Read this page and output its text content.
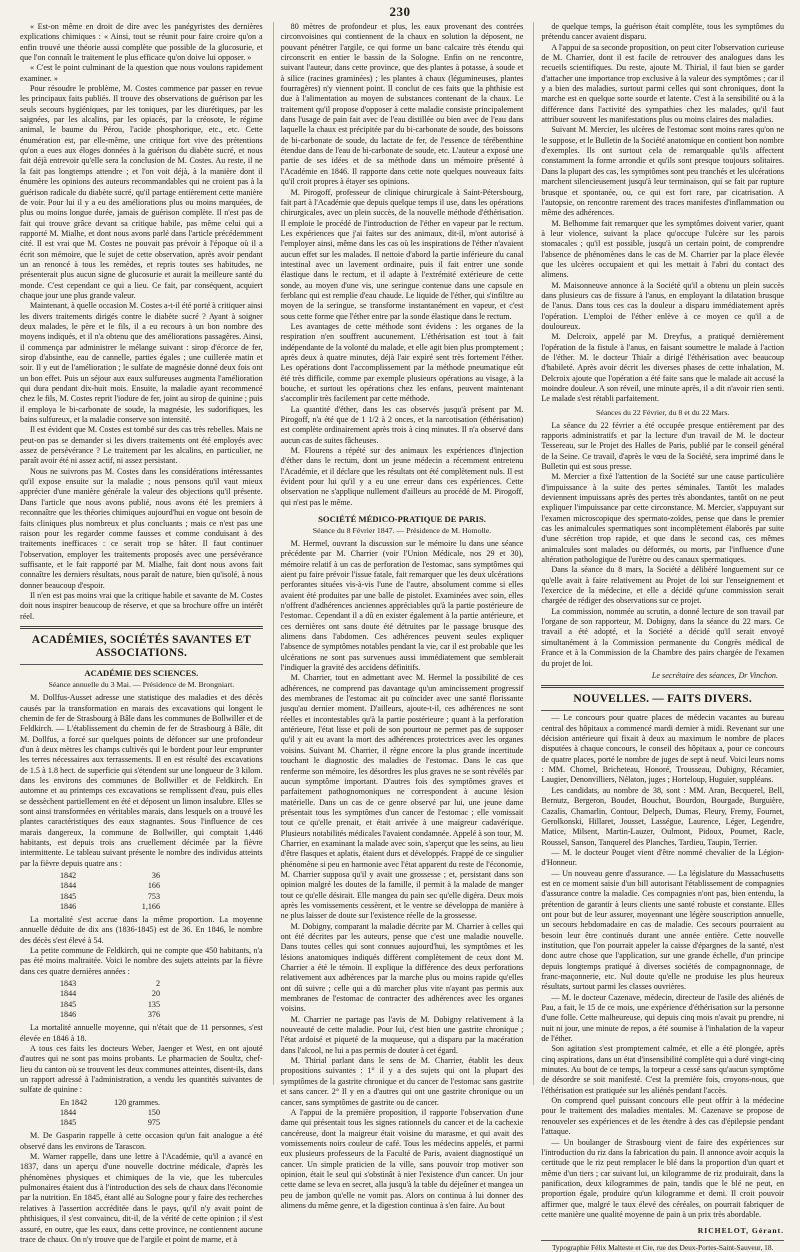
230

« Est-on même en droit de dire avec les panégyristes des dernières explications chimiques : « Ainsi, tout se réunit pour faire croire qu'on a enfin trouvé une théorie aussi complète que possible de la glucosurie, et que l'on connaît le traitement le plus efficace qu'on doive lui opposer. »

« C'est le point culminant de la question que nous voulons rapidement examiner. »

Pour résoudre le problème, M. Costes commence par passer en revue les principaux faits publiés. Il trouve des observations de guérison par les seuls secours hygiéniques, par les toniques, par les diurétiques, par les saignées, par les alcalins, par les opiacés, par la créosote, le régime animal, le baume du Pérou, l'acide phosphorique, etc., etc. Cette énumération est, par elle-même, une critique fort vive des prétentions qu'on a eues aux éloges données à la guérison du diabète sucré, et nous fait déjà entrevoir qu'elle sera la conclusion de M. Costes. Au reste, il ne la fait pas longtemps attendre ; et l'on voit déjà, à la manière dont il énumère les opinions des auteurs recommandables qui ne croient pas à la guérison radicale du diabète sucré, qu'il partage entièrement cette manière de voir. Pour lui il y a eu des améliorations plus ou moins marquées, de plus ou moins longue durée, jamais de guérison complète. Il n'est pas de fait qui trouve grâce devant sa critique habile, pas même celui qui a rapporté M. Mialhe, et dont nous avons parlé dans l'article précédemment cité. Il est vrai que M. Costes ne pouvait pas prévoir à l'époque où il a écrit son mémoire, que le sujet de cette observation, après avoir pendant un an renoncé à tous les remèdes, et repris toutes ses habitudes, ne présenterait plus aucun signe de glucosurie et aurait la meilleure santé du monde. C'est cependant ce qui a lieu. Ce fait, par conséquent, acquiert chaque jour une plus grande valeur.

Maintenant, à quelle occasion M. Costes a-t-il été porté à critiquer ainsi les divers traitements dirigés contre le diabète sucré ? Ayant à soigner deux malades, le père et le fils, il a eu recours à un bon nombre des moyens indiqués, et il n'a obtenu que des améliorations passagères. Ainsi, il commença par administrer le mélange suivant : sirop d'écorce de fer, sirop d'absinthe, eau de cannelle, parties égales ; une cuillerée matin et soir. Il y eut de l'amélioration ; le sulfate de magnésie donné deux fois ont un bon effet. Puis un séjour aux eaux sulfureuses augmenta l'amélioration qui dura pendant dix-huit mois. Ensuite, la maladie ayant recommencé chez le fils, M. Costes reprit l'iodure de fer, joint au sirop de quinine ; puis il employa le bi-carbonate de soude, la magnésie, les sudorifiques, les bains sulfureux, et la maladie conserve son intensité.

Il est évident que M. Costes est tombé sur des cas très rebelles. Mais ne peut-on pas se demander si les divers traitements ont été employés avec assez de persévérance ? Le traitement par les alcalins, en particulier, ne paraît avoir été ni assez actif, ni assez persistant.

Nous ne suivrons pas M. Costes dans les considérations intéressantes qu'il expose ensuite sur la maladie ; nous pensons qu'il vaut mieux apprécier d'une manière générale la valeur des objections qu'il présente. Dans l'article que nous avons publié, nous avons été les premiers à reconnaître que les théories chimiques aujourd'hui en vogue ont besoin de faits cliniques plus nombreux et plus concluants ; mais ce n'est pas une raison pour les regarder comme fausses et comme conduisant à des traitements inefficaces : ce serait trop se hâter. Il faut continuer l'observation, employer les traitements proposés avec une persévérance suffisante, et le fait rapporté par M. Mialhe, fait dont nous avons fait connaître les derniers résultats, nous paraît de nature, bien qu'isolé, à nous donner beaucoup d'espoir.

Il n'en est pas moins vrai que la critique habile et savante de M. Costes doit nous inspirer beaucoup de réserve, et que sa brochure offre un intérêt réel.

ACADÉMIES, SOCIÉTÉS SAVANTES ET ASSOCIATIONS.
ACADÉMIE DES SCIENCES.
Séance annuelle du 3 Mai. — Présidence de M. Brongniart.

M. Dollfus-Ausset adresse une statistique des maladies et des décès causés par la transformation en marais des excavations qui longent le chemin de fer de Strasbourg à Bâle dans les communes de Bollwiller et de Feldkirch. — L'établissement du chemin de fer de Strasbourg à Bâle, dit M. Dollfus, a forcé sur quelques points de défoncer sur une profondeur d'un à deux mètres les champs cultivés qui le bordent pour leur emprunter les terres nécessaires aux terrassements. Il en est résulté des excavations de 1.5 à 1.8 hect. de superficie qui s'étendent sur une longueur de 3 kilom. dans les environs des communes de Bollwiller et de Feldkirch. En automne et au printemps ces excavations se remplissent d'eau, puis elles se dessèchent partiellement en été et déposent un limon insalubre. Elles se sont ainsi transformées en véritables marais, dans lesquels on a trouvé les plantes caractéristiques des eaux stagnantes. Sous l'influence de ces marais dangereux, la commune de Bollwiller, qui comptait 1,446 habitants, est depuis trois ans cruellement décimée par la fièvre intermittente. Le tableau suivant présente le nombre des individus atteints par la fièvre depuis quatre ans :

1842	36
1844	166
1845	753
1846	1,166

La mortalité s'est accrue dans la même proportion. La moyenne annuelle déduite de dix ans (1836-1845) est de 36. En 1846, le nombre des décès s'est élevé à 54.

La petite commune de Feldkirch, qui ne compte que 450 habitants, n'a pas été moins maltraitée. Voici le nombre des sujets atteints par la fièvre dans ces quatre dernières années :

1843	2
1844	20
1845	135
1846	376

La mortalité annuelle moyenne, qui n'était que de 11 personnes, s'est élevée en 1846 à 18.

A tous ces faits les docteurs Weber, Jaenger et West, en ont ajouté d'autres qui ne sont pas moins probants. Le pharmacien de Soultz, chef-lieu du canton où se trouvent les deux communes atteintes, disent-ils, dans un rapport adressé à l'administration, a vendu les quantités suivantes de sulfate de quinine :

En 1842	120 grammes.
1844	150
1845	975

M. De Gasparin rappelle à cette occasion qu'un fait analogue a été observé dans les environs de Tarascon.

M. Warner rappelle, dans une lettre à l'Académie, qu'il a avancé en 1837, dans un aperçu d'une nouvelle doctrine médicale, d'après les phénomènes physiques et chimiques de la vie, que les tubercules pulmonaires étaient dus à l'introduction des sels de chaux dans l'économie par la nutrition. En 1845, étant allé au Sologne pour y faire des recherches relatives à l'assertion accréditée dans le pays, qu'il n'y avait point de phthisiques, il s'est convaincu, dit-il, de la vérité de cette opinion ; il s'est assuré, en outre, que les eaux, dans cette province, ne contiennent aucune trace de chaux. On n'y trouve que de l'argile et point de marne, et à

80 mètres de profondeur et plus, les eaux provenant des contrées circonvoisines qui contiennent de la chaux en solution la déposent, ne pouvant pénétrer l'argile, ce qui forme un banc calcaire très étendu qui circonscrit en entier le bassin de la Sologne. Enfin on ne rencontre, suivant l'auteur, dans cette province, que des plantes à potasse, à soude et à silice (racines graminées) ; les plantes à chaux (légumineuses, plantes fourragères) n'y viennent point. Il conclut de ces faits que la phthisie est due à l'alimentation au moyen de substances contenant de la chaux. Le traitement qu'il propose d'opposer à cette maladie consiste principalement dans l'usage de pain fait avec de l'eau distillée ou bien avec de l'eau dans laquelle la chaux est précipitée par du bi-carbonate de soude, des boissons de bi-carbonate de soude, du lactate de fer, de l'essence de térébenthine étendue dans de l'eau de bi-carbonate de soude, etc. L'auteur a exposé une partie de ses idées et de sa méthode dans un mémoire présenté à l'Académie en 1846. Il rapporte dans cette note quelques nouveaux faits qu'il croit propres à étayer ses opinions.

M. Pirogoff, professeur de clinique chirurgicale à Saint-Pétersbourg, fait part à l'Académie que depuis quelque temps il use, dans les opérations chirurgicales, avec un plein succès, de la nouvelle méthode d'éthérisation. Il emploie le procédé de l'introduction de l'éther en vapeur par le rectum. Les expériences que j'ai faites sur des animaux, dit-il, m'ont autorisé à l'employer ainsi, même dans les cas où les inspirations de l'éther n'avaient aucun effet sur les malades. Il nettoie d'abord la partie inférieure du canal intestinal avec un lavement ordinaire, puis il fait entrer une sonde élastique dans le rectum, et il adapte à l'extrémité extérieure de cette sonde, au moyen d'une vis, une seringue contenue dans une capsule en ferblanc qui est remplie d'eau chaude. Le liquide de l'éther, qui s'infiltre au moyen de la seringue, se transforme instantanément en vapeur, et c'est sous cette forme que l'éther entre par la sonde élastique dans le rectum.

Les avantages de cette méthode sont évidens : les organes de la respiration n'en souffrent aucunement. L'éthérisation est tout à fait indépendante de la volonté du malade, et elle agit bien plus promptement ; après deux à quatre minutes, déjà l'air expiré sent très fortement l'éther. Les opérations dont l'accomplissement par la méthode pneumatique eût été très difficile, comme par exemple plusieurs opérations au visage, à la bouche, et surtout les opérations chez les enfans, peuvent maintenant s'accomplir très facilement par cette méthode.

La quantité d'éther, dans les cas observés jusqu'à présent par M. Pirogoff, n'a été que de 1 1/2 à 2 onces, et la narcotisation (éthérisation) est complète ordinairement après trois à cinq minutes. Il n'a observé dans aucun cas de suites fâcheuses.

M. Flourens a répété sur des animaux les expériences d'injection d'éther dans le rectum, dont un jeune médecin a récemment entretenu l'Académie, et il déclare que les résultats ont été complètement nuls. Il est évident pour lui qu'il y a eu une erreur dans ces expériences. Cette observation ne s'applique nullement d'ailleurs au procédé de M. Pirogoff, qui n'est pas le même.

SOCIÉTÉ MÉDICO-PRATIQUE DE PARIS.
Séance du 8 Février 1847. — Présidence de M. Homolle.

M. Hermel, ouvrant la discussion sur le mémoire lu dans une séance précédente par M. Charrier (voir l'Union Médicale, nos 29 et 30), mémoire relatif à un cas de perforation de l'estomac, sans symptômes qui aient pu faire prévoir l'issue fatale, fait remarquer que les deux ulcérations perforantes situées vis-à-vis l'une de l'autre, absolument comme si elles avaient été produites par une balle de pistolet. Examinées avec soin, elles n'offrent d'adhérences anciennes appréciables qu'à la partie postérieure de l'estomac. Cependant il a dû en exister également à la partie antérieure, et ces dernières ont sans doute été détruites par le passage brusque des alimens dans l'abdomen. Ces adhérences peuvent seules expliquer l'absence de symptômes notables pendant la vie, car il est probable que les ulcérations ne sont pas survenues aussi immédiatement que semblerait l'indiquer la gravité des accidens définitifs.

M. Charrier, tout en admettant avec M. Hermel la possibilité de ces adhérences, ne comprend pas davantage qu'un amincissement progressif des membranes de l'estomac ait pu coïncider avec une santé florissante jusqu'au dernier moment. D'ailleurs, ajoute-t-il, ces adhérences ne sont réelles et incontestables qu'à la partie postérieure ; quant à la perforation antérieure, l'état lisse et poli de son pourtour ne permet pas de supposer qu'il y ait eu avant la mort des adhérences protectrices avec les organes voisins. Suivant M. Charrier, il règne encore la plus grande incertitude touchant le diagnostic des maladies de l'estomac. Dans le cas que renferme son mémoire, les désordres les plus graves ne se sont révélés par aucun symptôme important. D'autres fois des symptômes graves et parfaitement pathognomoniques ne correspondent à aucune lésion matérielle. Dans un cas de ce genre observé par lui, une jeune dame présentait tous les symptômes d'un cancer de l'estomac ; elle vomissait tout ce qu'elle prenait, et était arrivée à une maigreur cadavérique. Plusieurs notabilités médicales l'avaient condamnée. Appelé à son tour, M. Charrier, en examinant la malade avec soin, s'aperçut que les seins, au lieu d'être flasques et aplatis, étaient durs et développés. Frappé de ce singulier phénomène si peu en harmonie avec l'état apparent du reste de l'économie, M. Charrier supposa qu'il y avait une grossesse ; et, persistant dans son opinion malgré les doutes de la famille, il permit à la malade de manger tout ce qu'elle désirait. Elle mangea du pain sec qu'elle digéra. Deux mois après les vomissements cessèrent, et le ventre se développa de manière à ne plus laisser de doute sur l'existence réelle de la grossesse.

M. Dobigny, comparant la maladie décrite par M. Charrier à celles qui ont été décrites par les auteurs, pense que c'est une maladie nouvelle. Dans toutes celles qui sont connues aujourd'hui, les symptômes et les lésions anatomiques indiqués diffèrent complètement de ceux dont M. Charrier a été le témoin. Il explique la différence des deux perforations relativement aux adhérences par la marche plus ou moins rapide qu'elles ont dû suivre ; celle qui a dû marcher plus vite n'ayant pas permis aux membranes de l'estomac de contracter des adhérences avec les organes voisins.

M. Charrier ne partage pas l'avis de M. Dobigny relativement à la nouveauté de cette maladie. Pour lui, c'est bien une gastrite chronique ; l'état ardoisé et piqueté de la muqueuse, qui a disparu par la macération dans l'alcool, ne lui a pas permis de douter à cet égard.

M. Thirial parlant dans le sens de M. Charrier, établit les deux propositions suivantes : 1° il y a des sujets qui ont la plupart des symptômes de la gastrite chronique et du cancer de l'estomac sans gastrite et sans cancer. 2° Il y en a d'autres qui ont une gastrite chronique ou un cancer, sans symptômes de gastrite ou de cancer.

A l'appui de la première proposition, il rapporte l'observation d'une dame qui présentait tous les signes rationnels du cancer et de la cachexie cancéreuse, dont la maigreur était voisine du marasme, et qui avait des vomissements noirs couleur de café. Tous les médecins appelés, et parmi eux plusieurs professeurs de la Faculté de Paris, avaient diagnostiqué un cancer. Un simple praticien de la ville, sans pouvoir trop motiver son opinion, était le seul qui s'obstinât à nier l'existence d'un cancer. Un jour cette dame se leva en secret, alla jusqu'à la table du déjeûner et mangea un peu de jambon qu'elle ne vomit pas. Alors on continua à lui donner des alimens du même genre, et la digestion continua à s'en faire. Au bout

de quelque temps, la guérison était complète, tous les symptômes du prétendu cancer avaient disparu.

A l'appui de sa seconde proposition, on peut citer l'observation curieuse de M. Charrier, dont il est facile de retrouver des analogues dans les recueils scientifiques. Du reste, ajoute M. Thirial, il faut bien se garder d'attacher une importance trop exclusive à la valeur des symptômes ; car il y a bien des maladies, surtout parmi celles qui sont chroniques, dont la marche est en quelque sorte sourde et latente. C'est à la sensibilité ou à la différence dans l'activité des sympathies chez les malades, qu'il faut attribuer souvent les manifestations plus ou moins claires des maladies.

Suivant M. Mercier, les ulcères de l'estomac sont moins rares qu'on ne le suppose, et le Bulletin de la Société anatomique en contient bon nombre d'exemples. Ils ont surtout cela de remarquable qu'ils affectent constamment la forme arrondie et qu'ils sont presque toujours solitaires. Dans la plupart des cas, les symptômes sont peu tranchés et les ulcérations marchent silencieusement jusqu'à leur terminaison, qui se fait par rupture brusque et spontanée, ou, ce qui est fort rare, par cicatrisation. A l'autopsie, on rencontre rarement des traces manifestes d'inflammation ou même des adhérences.

M. Belhomme fait remarquer que les symptômes doivent varier, quant à leur violence, suivant la place qu'occupe l'ulcère sur les parois stomacales ; qu'il est possible, jusqu'à un certain point, de comprendre l'absence de phénomènes dans le cas de M. Charrier par la place élevée que les ulcères occupaient et qui les mettait à l'abri du contact des alimens.

M. Maisonneuve annonce à la Société qu'il a obtenu un plein succès dans plusieurs cas de fissure à l'anus, en employant la dilatation brusque de l'anus. Dans tous ces cas la douleur a disparu immédiatement après l'opération. L'emploi de l'éther enlève à ce moyen ce qu'il a de douloureux.

M. Delcroix, appelé par M. Dreyfus, a pratiqué dernièrement l'opération de la fistule à l'anus, en faisant soumettre le malade à l'action de l'éther. M. le docteur Thiaîr a dirigé l'éthérisation avec beaucoup d'habileté. Après avoir décrit les diverses phases de cette inhalation, M. Delcroix ajoute que l'opération a été faite sans que le malade ait accusé la moindre douleur. A son réveil, une minute après, il a dit n'avoir rien senti. Le malade s'est rétabli parfaitement.

Séances du 22 Février, du 8 et du 22 Mars.

La séance du 22 février a été occupée presque entièrement par des rapports administratifs et par la lecture d'un travail de M. le docteur Tessereau, sur le Projet des Halles de Paris, publié par le conseil général de la Seine. Ce travail, d'après le vœu de la Société, sera imprimé dans le Bulletin qui est sous presse.

M. Mercier a fixé l'attention de la Société sur une cause particulière d'impuissance à la suite des pertes séminales. Tantôt les malades deviennent impuissans après des pertes très abondantes, tantôt on ne peut expliquer l'impuissance par cette circonstance. M. Mercier, s'appuyant sur l'examen microscopique des spermato-zoïdes, pense que dans le premier cas les animalcules spermatiques sont incomplètement élaborés par suite d'une sécrétion trop rapide, et que dans le second cas, ces mêmes animalcules sont malades ou déformés, ou morts, par l'influence d'une altération pathologique de l'urètre ou des canaux spermatiques.

Dans la séance du 8 mars, la Société a délibéré longuement sur ce qu'elle avait à faire relativement au Projet de loi sur l'enseignement et l'exercice de la médecine, et elle a décidé qu'une commission serait chargée de rédiger des observations sur ce projet.

La commission, nommée au scrutin, a donné lecture de son travail par l'organe de son rapporteur, M. Dobigny, dans la séance du 22 mars. Ce travail a été adopté, et la Société a décidé qu'il serait envoyé simultanément à la Commission permanente du Congrès médical de France et à la Commission de la Chambre des pairs chargée de l'examen du projet de loi.

Le secrétaire des séances, Dr Vinchon.
NOUVELLES. — FAITS DIVERS.

— Le concours pour quatre places de médecin vacantes au bureau central des hôpitaux a commencé mardi dernier à midi. Revenant sur une décision antérieure qui fixait à deux au maximum le nombre de places disputées à chaque concours, le conseil des hôpitaux a, pour ce concours de quatre places, porté le nombre de juges de sept à neuf. Voici leurs noms : MM. Chomel, Bricheteau, Honoré, Trousseau, Dubigny, Récamier, Laugier, Denonvilliers, Nélaton, juges ; Horteloup, Huguier, suppléans.

Les candidats, au nombre de 38, sont : MM. Aran, Becquerel, Bell, Bernutz, Bergeron, Boudet, Bouchut, Bourdon, Bourgade, Burguière, Cazalis, Chamarlin, Contour, Delpech, Dumas, Fleury, Fremy, Fournet, Gerolkonski, Hillaret, Jousset, Lasségue, Laurence, Léger, Legendre, Matice, Milsent, Martin-Lauzer, Oulmont, Pidoux, Poumet, Racle, Roussel, Sanson, Tanquerel des Planches, Tardieu, Taupin, Terrier.

— M. le docteur Pouget vient d'être nommé chevalier de la Légion-d'Honneur.

— Un nouveau genre d'assurance. — La législature du Massachusetts est en ce moment saisie d'un bill autorisant l'établissement de compagnies d'assurance contre la maladie. Ces compagnies n'ont pas, bien entendu, la prétention de garantir à leurs clients une santé robuste et constante. Elles ont pour but de leur assurer, moyennant une légère souscription annuelle, un secours hebdomadaire en cas de maladie. Ces secours pourraient au besoin leur être continués durant une année entière. Cette nouvelle institution, que l'on pourrait appeler la caisse d'épargnes de la santé, n'est donc autre chose que l'application, sur une grande échelle, d'un principe depuis longtemps pratiqué à diverses sociétés de compagnonnage, de franc-maçonnerie, etc. Nul doute qu'elle ne produise les plus heureux résultats, surtout parmi les classes ouvrières.

— M. le docteur Cazenave, médecin, directeur de l'asile des aliénés de Pau, a fait, le 15 de ce mois, une expérience d'éthérisation sur la personne d'une folle. Cette malheureuse, qui depuis cinq mois n'avait pu prendre, ni nuit ni jour, une minute de repos, a été soumise à l'inhalation de la vapeur de l'éther.

Son agitation s'est promptement calmée, et elle a été plongée, après cinq aspirations, dans un état d'insensibilité complète qui a duré vingt-cinq minutes. Au bout de ce temps, la torpeur a cessé sans qu'aucun symptôme de désordre se soit manifesté. C'est la première fois, croyons-nous, que l'éthérisation est pratiquée sur les aliénés pendant l'accès.

On comprend quel puissant concours elle peut offrir à la médecine pour le traitement des maladies mentales. M. Cazenave se propose de renouveler ses expériences et de les étendre à des cas d'épilepsie pendant l'attaque.

— Un boulanger de Strasbourg vient de faire des expériences sur l'introduction du riz dans la fabrication du pain. Il annonce avoir acquis la certitude que le riz peut remplacer le blé dans la proportion d'un quart et même d'un tiers ; car suivant lui, un kilogramme de riz produirait, dans la panification, deux kilogrammes de pain, tandis que le blé ne peut, en proportion égale, produire qu'un kilogramme et demi. Il croit pouvoir affirmer que, malgré le taux élevé des céréales, on pourrait fabriquer de cette manière une qualité moyenne de pain à un prix très abordable.

RICHELOT, Gérant.
Typographie Félix Malteste et Cie, rue des Deux-Portes-Saint-Sauveur, 18.
